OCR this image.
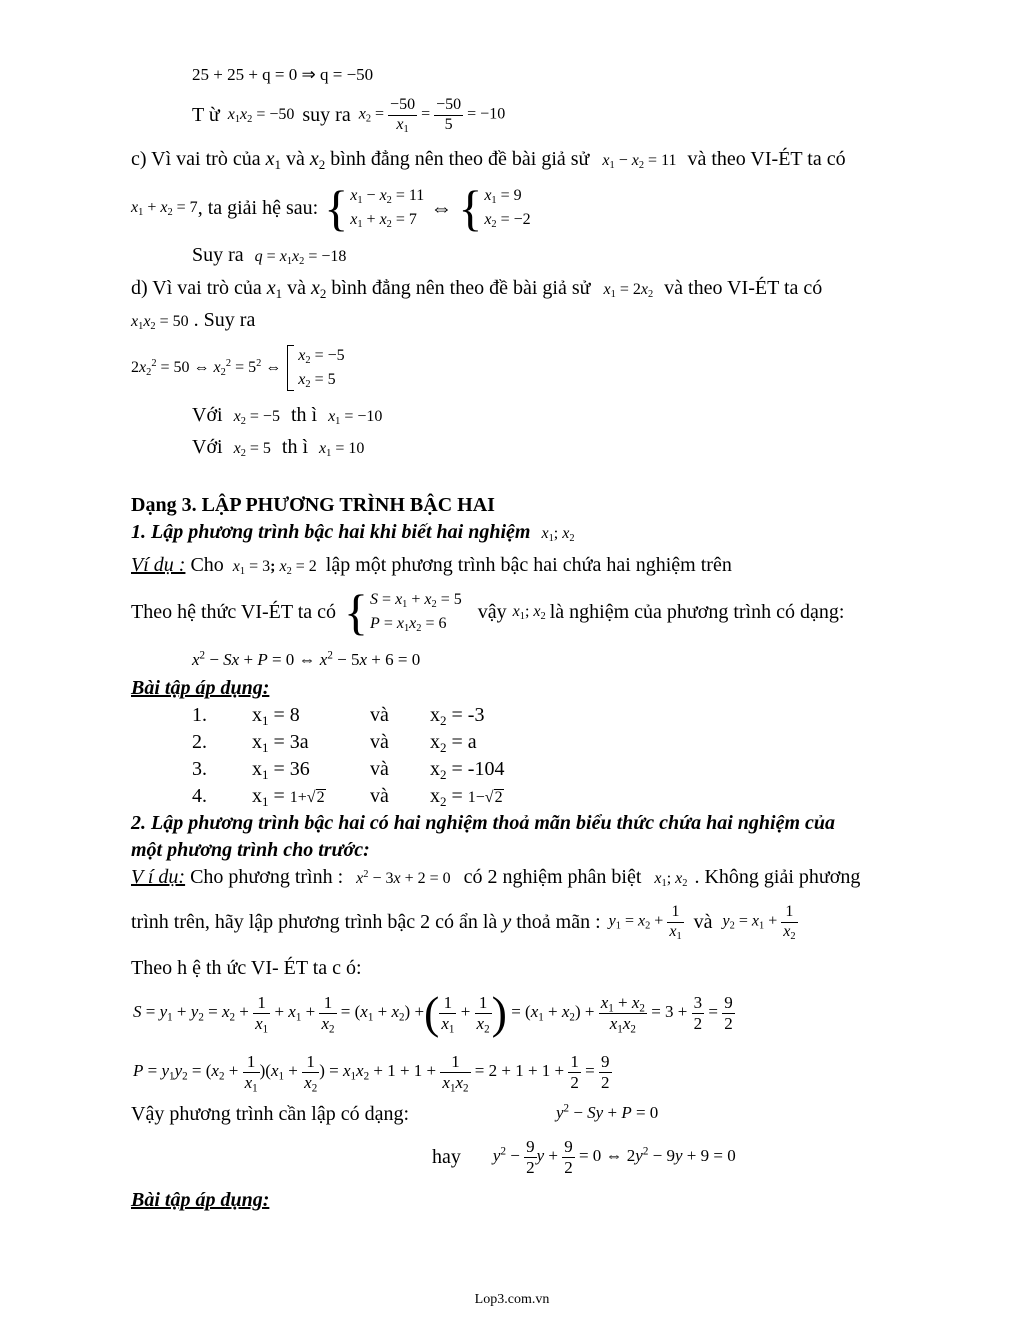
25 + 25 + q = 0 ⇒ q = −50
T ừ $x_1x_2 = -50$ suy ra $x_2 = \frac{-50}{x_1} = \frac{-50}{5} = -10$
c) Vì vai trò của $x_1$ và $x_2$ bình đẳng nên theo đề bài giả sử $x_1 - x_2 = 11$ và theo VI-ÉT ta có
$x_1 + x_2 = 7$ , ta giải hệ sau: { $x_1 - x_2 = 11$
$x_1 + x_2 = 7$ ⇔ { $x_1 = 9$
$x_2 = -2$
Suy ra $q = x_1x_2 = -18$
d) Vì vai trò của $x_1$ và $x_2$ bình đẳng nên theo đề bài giả sử $x_1 = 2x_2$ và theo VI-ÉT ta có
$x_1x_2 = 50$ . Suy ra
$2x_2^2 = 50$ ⇔ $x_2^2 = 5^2$ ⇔
$x_2 = -5$
$x_2 = 5$
Với $x_2 = -5$ th ì $x_1 = -10$
Với $x_2 = 5$ th ì $x_1 = 10$
Dạng 3. LẬP PHƯƠNG TRÌNH BẬC HAI
1. Lập phương trình bậc hai khi biết hai nghiệm $x_1$; $x_2$
Ví dụ : Cho $x_1 = 3$; $x_2 = 2$ lập một phương trình bậc hai chứa hai nghiệm trên
Theo hệ thức VI-ÉT ta có { $S = x_1 + x_2 = 5$
$P = x_1x_2 = 6$
vậy $x_1$; $x_2$ là nghiệm của phương trình có dạng:
$x^2 - Sx + P = 0$ ⇔ $x^2 - 5x + 6 = 0$
Bài tập áp dụng:
1. $x_1 = 8$	và $x_2 = -3$
2. $x_1 = 3a$	và $x_2 = a$
3. $x_1 = 36$	và $x_2 = -104$
4. $x_1 = 1+√2$ và $x_2 = 1-√2$
2. Lập phương trình bậc hai có hai nghiệm thoả mãn biểu thức chứa hai nghiệm của
một phương trình cho trước:
V í dụ: Cho phương trình : $x^2 - 3x + 2 = 0$ có 2 nghiệm phân biệt $x_1$; $x_2$ . Không giải phương
trình trên, hãy lập phương trình bậc 2 có ẩn là y thoả mãn : $y_1 = x_2 + \frac{1}{x_1}$ và $y_2 = x_1 + \frac{1}{x_2}$
Theo h ệ th ức VI- ÉT ta c ó:
$S = y_1 + y_2 = x_2 + \frac{1}{x_1} + x_1 + \frac{1}{x_2} = (x_1 + x_2)$ + ( $\frac{1}{x_1} + \frac{1}{x_2}$ ) = $(x_1 + x_2) + \frac{x_1 + x_2}{x_1x_2} = 3 + \frac{3}{2} = \frac{9}{2}$
$P = y_1y_2 = (x_2 + \frac{1}{x_1} )(x_1 + \frac{1}{x_2}$ ) = $x_1x_2 + 1 + 1 + \frac{1}{x_1x_2} = 2 + 1 + 1 + \frac{1}{2} = \frac{9}{2}$
Vậy phương trình cần lập có dạng:	$y^2 - Sy + P = 0$
hay $y^2 - \frac{9}{2}$ $y + \frac{9}{2} = 0$ ⇔ $2y^2 - 9y + 9 = 0$
Bài tập áp dụng:
Lop3.com.vn
